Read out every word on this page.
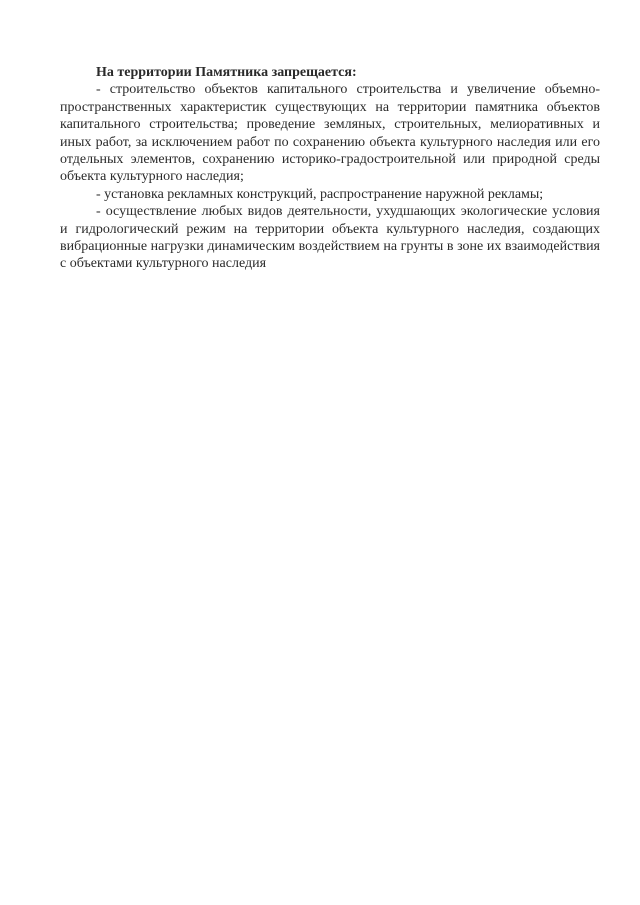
На территории Памятника запрещается:

- строительство объектов капитального строительства и увеличение объемно-пространственных характеристик существующих на территории памятника объектов капитального строительства; проведение земляных, строительных, мелиоративных и иных работ, за исключением работ по сохранению объекта культурного наследия или его отдельных элементов, сохранению историко-градостроительной или природной среды объекта культурного наследия;

- установка рекламных конструкций, распространение наружной рекламы;

- осуществление любых видов деятельности, ухудшающих экологические условия и гидрологический режим на территории объекта культурного наследия, создающих вибрационные нагрузки динамическим воздействием на грунты в зоне их взаимодействия с объектами культурного наследия
